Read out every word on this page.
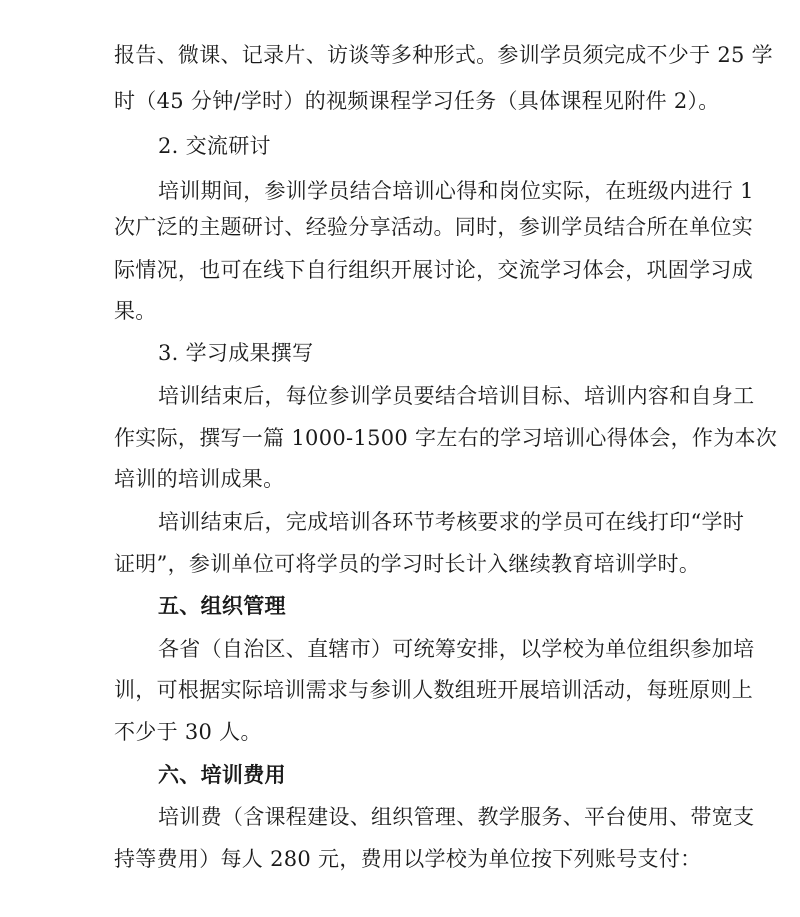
报告、微课、记录片、访谈等多种形式。参训学员须完成不少于 25 学
时（45 分钟/学时）的视频课程学习任务（具体课程见附件 2）。
2. 交流研讨
培训期间，参训学员结合培训心得和岗位实际，在班级内进行 1
次广泛的主题研讨、经验分享活动。同时，参训学员结合所在单位实
际情况，也可在线下自行组织开展讨论，交流学习体会，巩固学习成
果。
3. 学习成果撰写
培训结束后，每位参训学员要结合培训目标、培训内容和自身工
作实际，撰写一篇 1000-1500 字左右的学习培训心得体会，作为本次
培训的培训成果。
培训结束后，完成培训各环节考核要求的学员可在线打印“学时
证明”，参训单位可将学员的学习时长计入继续教育培训学时。
五、组织管理
各省（自治区、直辖市）可统筹安排，以学校为单位组织参加培
训，可根据实际培训需求与参训人数组班开展培训活动，每班原则上
不少于 30 人。
六、培训费用
培训费（含课程建设、组织管理、教学服务、平台使用、带宽支
持等费用）每人 280 元，费用以学校为单位按下列账号支付：
